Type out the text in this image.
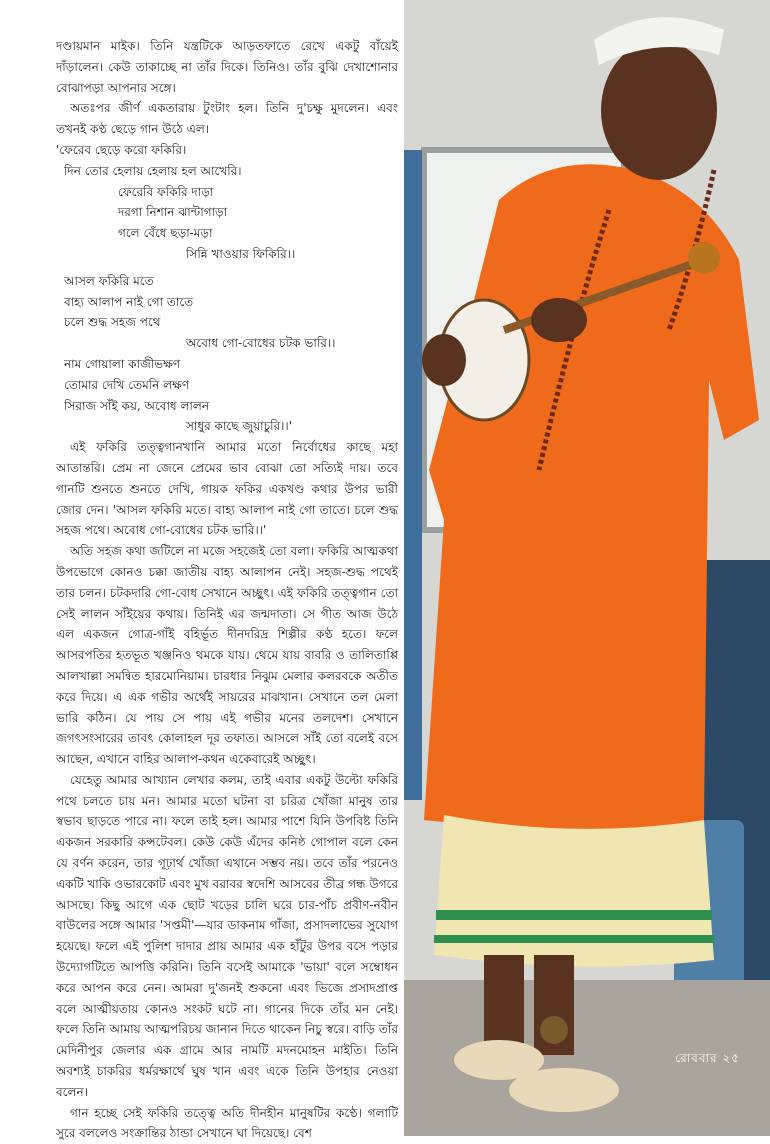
দণ্ডায়মান মাইক। তিনি যন্ত্রটিকে আড়তফাতে রেখে একটু বাঁয়েই দাঁড়ালেন। কেউ তাকাচ্ছে না তাঁর দিকে। তিনিও। তাঁর বুঝি দেখাশোনার বোঝাপড়া আপনার সঙ্গে।

অতঃপর জীর্ণ একতারায় টুংটাং হল। তিনি দু'চক্ষু মুদলেন। এবং তখনই কণ্ঠ ছেড়ে গান উঠে এল।

'ফেরেব ছেড়ে করো ফকিরি।

দিন তোর হেলায় হেলায় হল আখেরি।

ফেরেবি ফকিরি দাড়া

দরগা নিশান ঝান্টাগাড়া

গলে বেঁধে ছড়া-মড়া

সিন্নি খাওয়ার ফিকিরি।।

আসল ফকিরি মতে

বাহ্য আলাপ নাই গো তাতে

চলে শুদ্ধ সহজ পথে

অবোধ গো-বোধের চটক ভারি।।

নাম গোয়ালা কাজীভক্ষণ

তোমার দেখি তেমনি লক্ষণ

সিরাজ সাঁই কয়, অবোধ লালন

সাধুর কাছে জুয়াচুরি।।'

এই ফকিরি তত্ত্বগানখানি আমার মতো নির্বোধের কাছে মহা আতান্তরি। প্রেম না জেনে প্রেমের ভাব বোঝা তো সত্যিই দায়। তবে গানটি শুনতে শুনতে দেখি, গায়ক ফকির একখণ্ড কথার উপর ভারী জোর দেন। 'আসল ফকিরি মতে। বাহ্য আলাপ নাই গো তাতে। চলে শুদ্ধ সহজ পথে। অবোধ গো-বোধের চটক ভারি।।'

অতি সহজ কথা জটিলে না মজে সহজেই তো বলা। ফকিরি আত্মকথা উপভোগে কোনও চক্কা জাতীয় বাহ্য আলাপন নেই। সহজ-শুদ্ধ পথেই তার চলন। চটকদারি গো-বোধ সেখানে অচ্ছুৎ। এই ফকিরি তত্ত্বগান তো সেই লালন সাঁইয়ের কথায়। তিনিই এর জন্মদাতা। সে গীত আজ উঠে এল একজন গোত্র-গাঁই বহির্ভূত দীনদরিদ্র শিল্পীর কণ্ঠ হতে। ফলে আসরপতির হতভূত খঞ্জনিও থমকে যায়। থেমে যায় বাবরি ও তালিতাপ্পি আলখাল্লা সমন্বিত হারমোনিয়াম। চারধার নিঝুম মেলার কলরবকে অতীত করে দিয়ে। এ এক গভীর অর্থেই সায়রের মাঝখান। সেখানে তল মেলা ভারি কঠিন। যে পায় সে পায় এই গভীর মনের তলদেশ। সেখানে জগৎসংসারের তাবৎ কোলাহল দূর তফাত। আসলে সাঁই তো বলেই বসে আছেন, এখানে বাহির আলাপ-কথন একেবারেই অচ্ছুৎ।

যেহেতু আমার আখ্যান লেখার কলম, তাই এবার একটু উল্টো ফকিরি পথে চলতে চায় মন। আমার মতো ঘটনা বা চরিত্র খোঁজা মানুষ তার স্বভাব ছাড়তে পারে না। ফলে তাই হল। আমার পাশে যিনি উপবিষ্ট তিনি একজন সরকারি কন্সটেবল। কেউ কেউ এঁদের কনিষ্ঠ গোপাল বলে কেন যে বর্ণন করেন, তার গূঢ়ার্থ খোঁজা এখানে সম্ভব নয়। তবে তাঁর পরনেও একটি খাকি ওভারকোট এবং মুখ বরাবর স্বদেশি আসবের তীব্র গন্ধ উগরে আসছে। কিছু আগে এক ছোট খড়ের চালি ঘরে চার-পাঁচ প্রবীণ-নবীন বাউলের সঙ্গে আমার 'সপ্তমী'—যার ডাকনাম গাঁজা, প্রসাদলাভের সুযোগ হয়েছে। ফলে এই পুলিশ দাদার প্রায় আমার এক হাঁটুর উপর বসে পড়ার উদ্যোগটিতে আপত্তি করিনি। তিনি বসেই আমাকে 'ভায়া' বলে সম্বোধন করে আপন করে নেন। আমরা দু'জনই শুকনো এবং ভিজে প্রসাদপ্রাপ্ত বলে আত্মীয়তায় কোনও সংকট ঘটে না। গানের দিকে তাঁর মন নেই। ফলে তিনি আমায় আত্মপরিচয় জানান দিতে থাকেন নিচু স্বরে। বাড়ি তাঁর মেদিনীপুর জেলার এক গ্রামে আর নামটি মদনমোহন মাইতি। তিনি অবশ্যই চাকরির ধর্মরক্ষার্থে ঘুষ খান এবং একে তিনি উপহার নেওয়া বলেন।

গান হচ্ছে সেই ফকিরি তত্ত্বে অতি দীনহীন মানুষটির কণ্ঠে। গলাটি সুরে বললেও সংক্রান্তির ঠান্ডা সেখানে ঘা দিয়েছে। বেশ

রোববার ২৫
